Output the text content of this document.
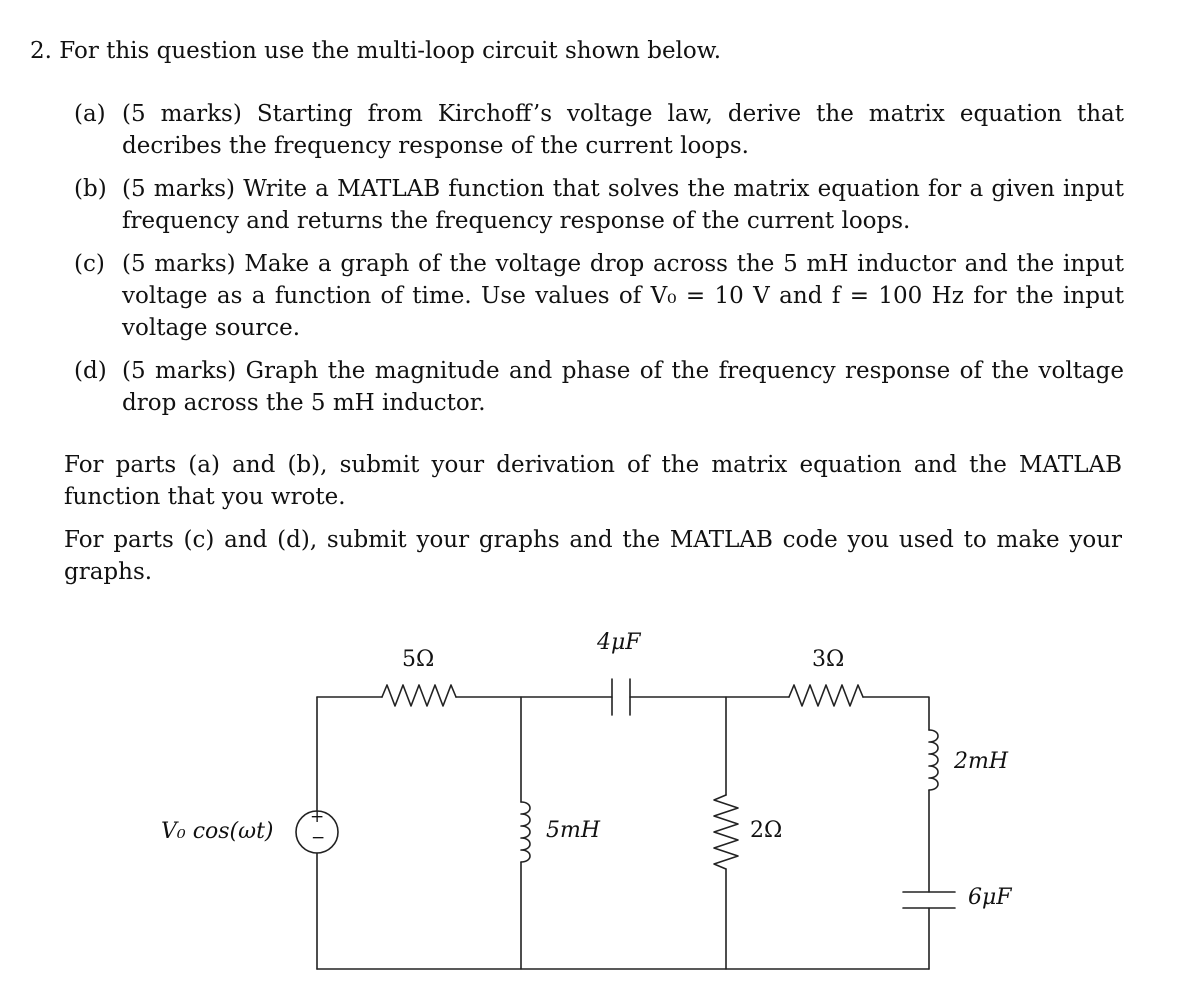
2. For this question use the multi-loop circuit shown below.
(a) (5 marks) Starting from Kirchoff’s voltage law, derive the matrix equation that decribes the frequency response of the current loops.
(b) (5 marks) Write a MATLAB function that solves the matrix equation for a given input frequency and returns the frequency response of the current loops.
(c) (5 marks) Make a graph of the voltage drop across the 5 mH inductor and the input voltage as a function of time. Use values of V₀ = 10 V and f = 100 Hz for the input voltage source.
(d) (5 marks) Graph the magnitude and phase of the frequency response of the voltage drop across the 5 mH inductor.
For parts (a) and (b), submit your derivation of the matrix equation and the MATLAB function that you wrote.
For parts (c) and (d), submit your graphs and the MATLAB code you used to make your graphs.
+
−
V₀ cos(ωt)
5Ω
4μF
3Ω
5mH	2Ω
2mH
6μF
